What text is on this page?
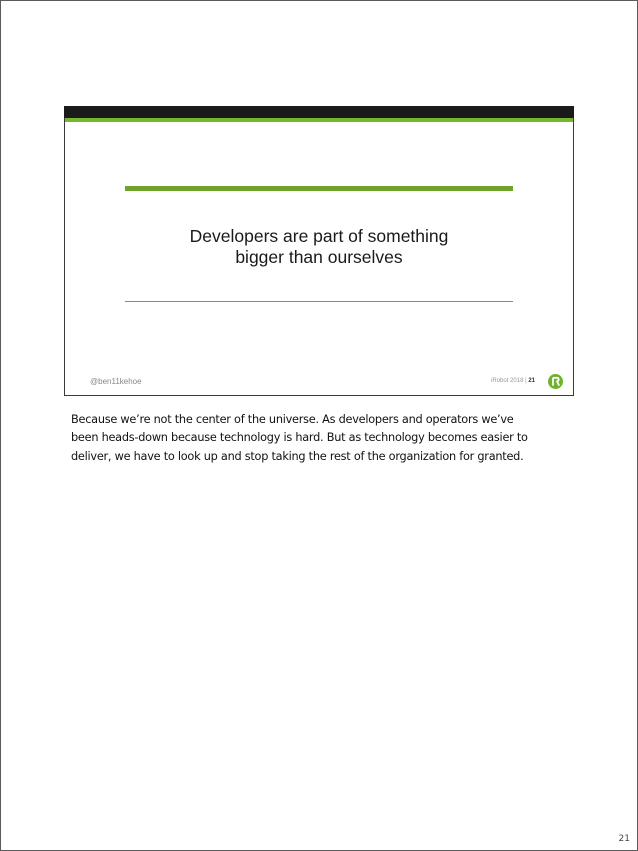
Developers are part of something
bigger than ourselves
@ben11kehoe	iRobot 2018 | 21
Because we’re not the center of the universe. As developers and operators we’ve
been heads-down because technology is hard. But as technology becomes easier to
deliver, we have to look up and stop taking the rest of the organization for granted.
21
